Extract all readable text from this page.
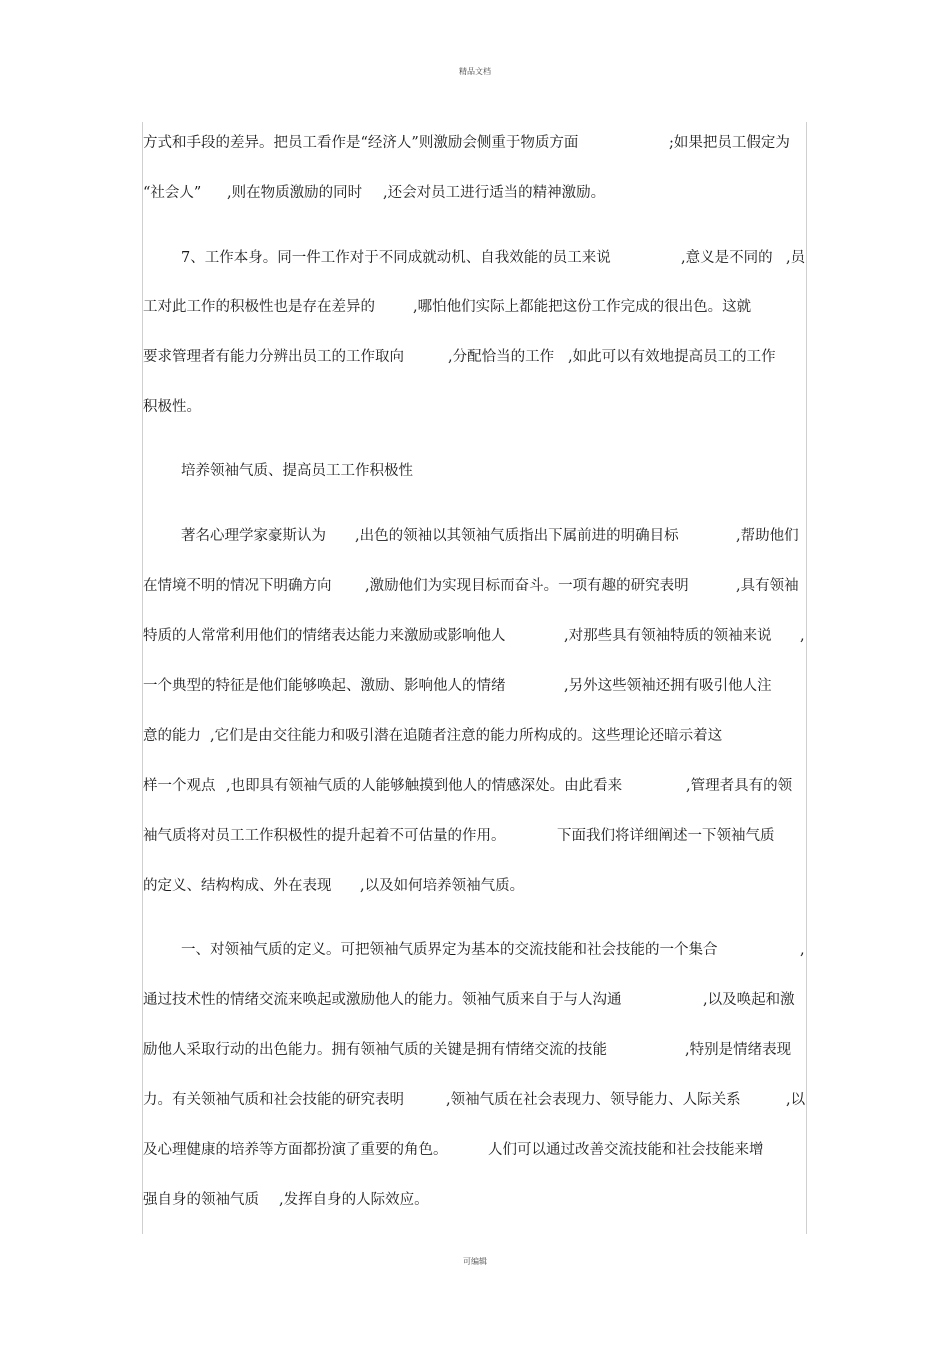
精品文档
方式和手段的差异。把员工看作是“经济人”则激励会侧重于物质方面	;如果把员工假定为
“社会人” ,则在物质激励的同时 ,还会对员工进行适当的精神激励。
7、工作本身。同一件工作对于不同成就动机、自我效能的员工来说	,意义是不同的 ,员
工对此工作的积极性也是存在差异的	,哪怕他们实际上都能把这份工作完成的很出色。这就
要求管理者有能力分辨出员工的工作取向	,分配恰当的工作 ,如此可以有效地提高员工的工作
积极性。
培养领袖气质、提高员工工作积极性
著名心理学家豪斯认为 ,出色的领袖以其领袖气质指出下属前进的明确目标	,帮助他们
在情境不明的情况下明确方向 ,激励他们为实现目标而奋斗。一项有趣的研究表明	,具有领袖
特质的人常常利用他们的情绪表达能力来激励或影响他人	,对那些具有领袖特质的领袖来说 ,
一个典型的特征是他们能够唤起、激励、影响他人的情绪	,另外这些领袖还拥有吸引他人注
意的能力 ,它们是由交往能力和吸引潜在追随者注意的能力所构成的。这些理论还暗示着这
样一个观点 ,也即具有领袖气质的人能够触摸到他人的情感深处。由此看来	,管理者具有的领
袖气质将对员工工作积极性的提升起着不可估量的作用。	下面我们将详细阐述一下领袖气质
的定义、结构构成、外在表现 ,以及如何培养领袖气质。
一、对领袖气质的定义。可把领袖气质界定为基本的交流技能和社会技能的一个集合	,
通过技术性的情绪交流来唤起或激励他人的能力。领袖气质来自于与人沟通	,以及唤起和激
励他人采取行动的出色能力。拥有领袖气质的关键是拥有情绪交流的技能	,特别是情绪表现
力。有关领袖气质和社会技能的研究表明	,领袖气质在社会表现力、领导能力、人际关系	,以
及心理健康的培养等方面都扮演了重要的角色。	人们可以通过改善交流技能和社会技能来增
强自身的领袖气质 ,发挥自身的人际效应。
可编辑
